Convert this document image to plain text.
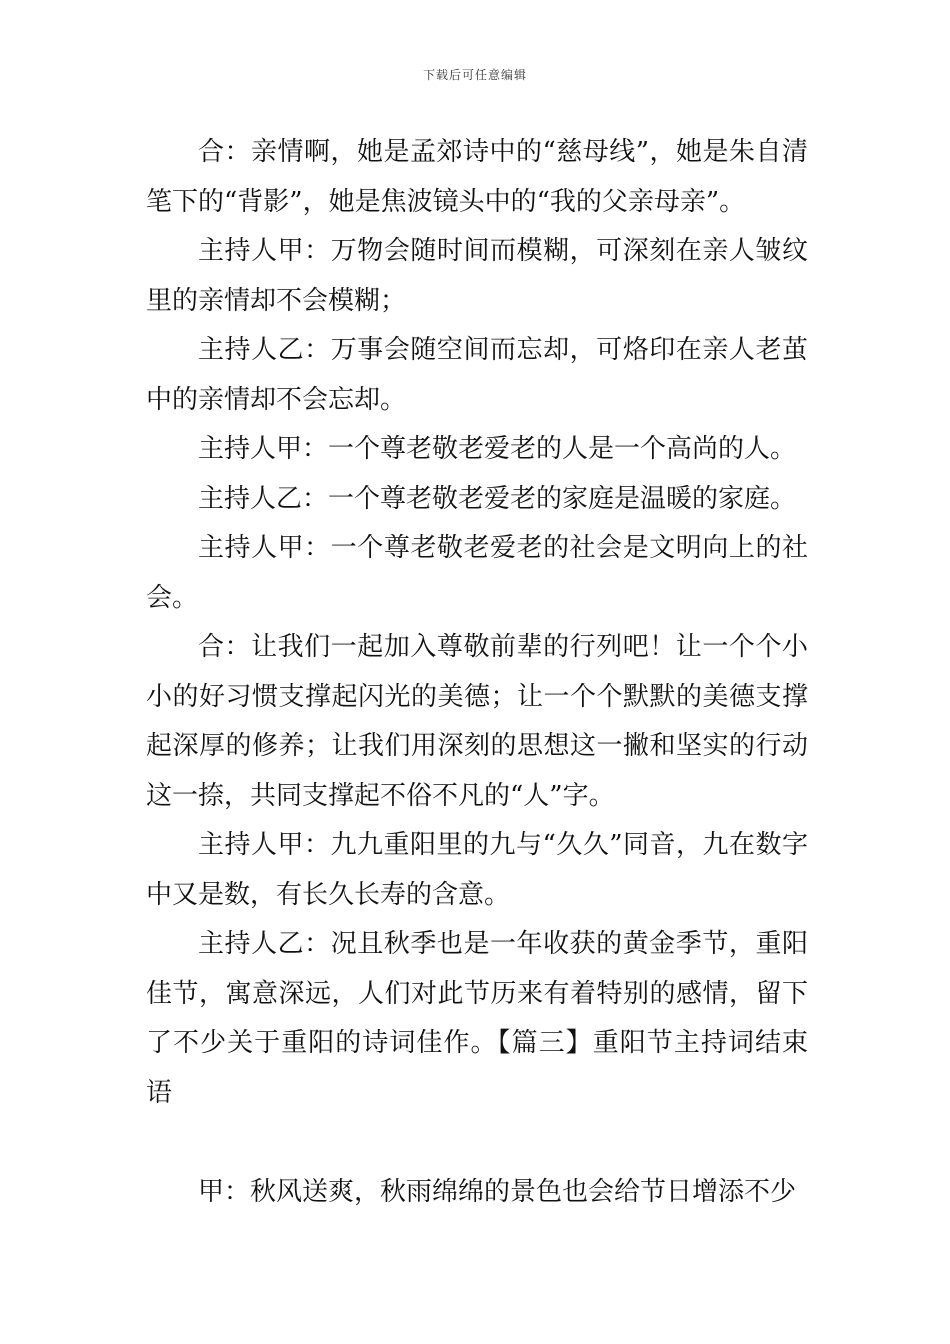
下载后可任意编辑

合：亲情啊，她是孟郊诗中的“慈母线”，她是朱自清笔下的“背影”，她是焦波镜头中的“我的父亲母亲”。

主持人甲：万物会随时间而模糊，可深刻在亲人皱纹里的亲情却不会模糊；

主持人乙：万事会随空间而忘却，可烙印在亲人老茧中的亲情却不会忘却。

主持人甲：一个尊老敬老爱老的人是一个高尚的人。

主持人乙：一个尊老敬老爱老的家庭是温暖的家庭。

主持人甲：一个尊老敬老爱老的社会是文明向上的社会。

合：让我们一起加入尊敬前辈的行列吧！让一个个小小的好习惯支撑起闪光的美德；让一个个默默的美德支撑起深厚的修养；让我们用深刻的思想这一撇和坚实的行动这一捺，共同支撑起不俗不凡的“人”字。

主持人甲：九九重阳里的九与“久久”同音，九在数字中又是数，有长久长寿的含意。

主持人乙：况且秋季也是一年收获的黄金季节，重阳佳节，寓意深远，人们对此节历来有着特别的感情，留下了不少关于重阳的诗词佳作。【篇三】重阳节主持词结束语

甲：秋风送爽，秋雨绵绵的景色也会给节日增添不少
